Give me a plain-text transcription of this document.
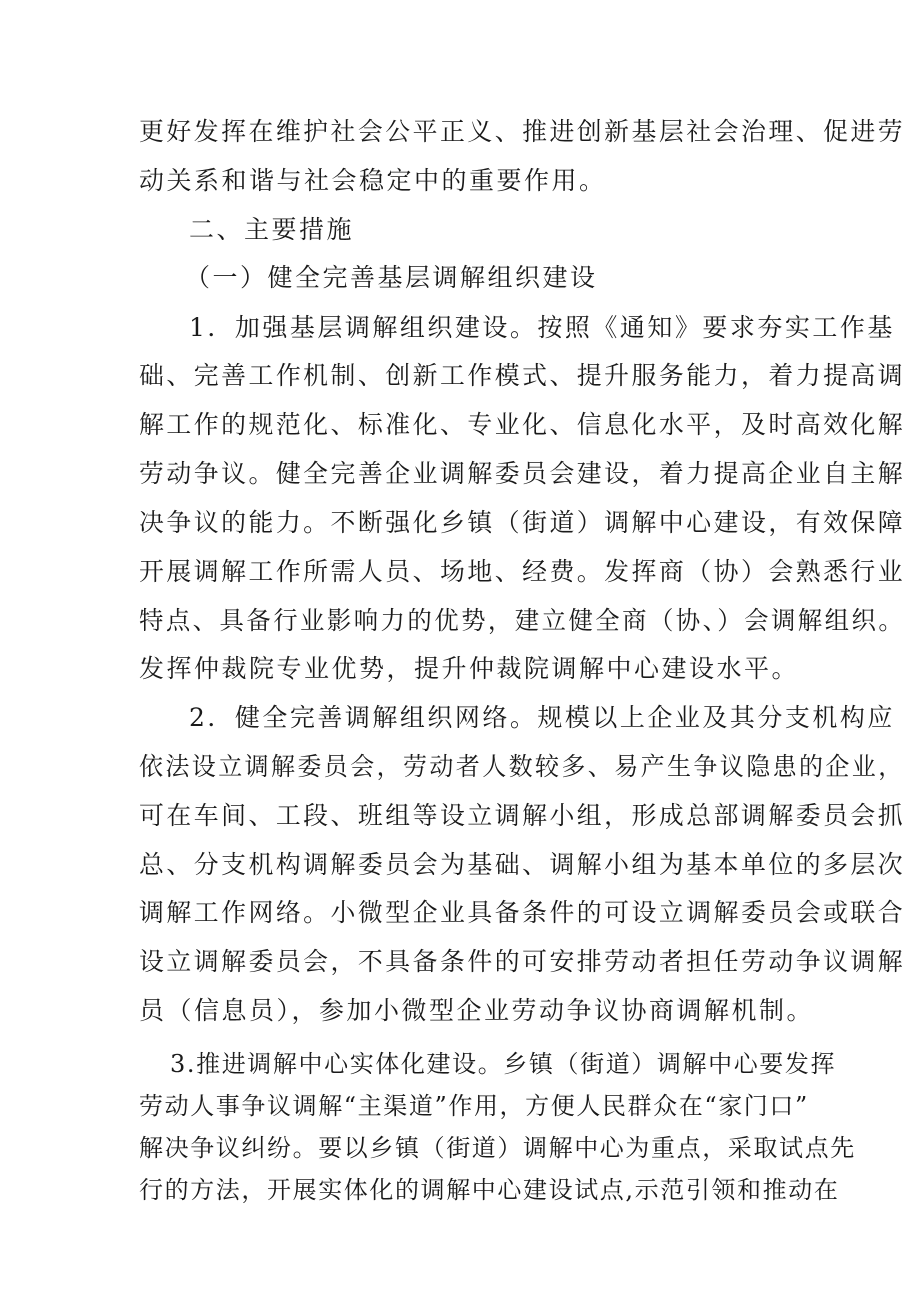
更好发挥在维护社会公平正义、推进创新基层社会治理、促进劳
动关系和谐与社会稳定中的重要作用。
二、主要措施
（一）健全完善基层调解组织建设
1．加强基层调解组织建设。按照《通知》要求夯实工作基
础、完善工作机制、创新工作模式、提升服务能力，着力提高调
解工作的规范化、标准化、专业化、信息化水平，及时高效化解
劳动争议。健全完善企业调解委员会建设，着力提高企业自主解
决争议的能力。不断强化乡镇（街道）调解中心建设，有效保障
开展调解工作所需人员、场地、经费。发挥商（协）会熟悉行业
特点、具备行业影响力的优势，建立健全商（协、）会调解组织。
发挥仲裁院专业优势，提升仲裁院调解中心建设水平。
2．健全完善调解组织网络。规模以上企业及其分支机构应
依法设立调解委员会，劳动者人数较多、易产生争议隐患的企业，
可在车间、工段、班组等设立调解小组，形成总部调解委员会抓
总、分支机构调解委员会为基础、调解小组为基本单位的多层次
调解工作网络。小微型企业具备条件的可设立调解委员会或联合
设立调解委员会，不具备条件的可安排劳动者担任劳动争议调解
员（信息员），参加小微型企业劳动争议协商调解机制。
3.推进调解中心实体化建设。乡镇（街道）调解中心要发挥
劳动人事争议调解“主渠道”作用，方便人民群众在“家门口”
解决争议纠纷。要以乡镇（街道）调解中心为重点，采取试点先
行的方法，开展实体化的调解中心建设试点,示范引领和推动在
